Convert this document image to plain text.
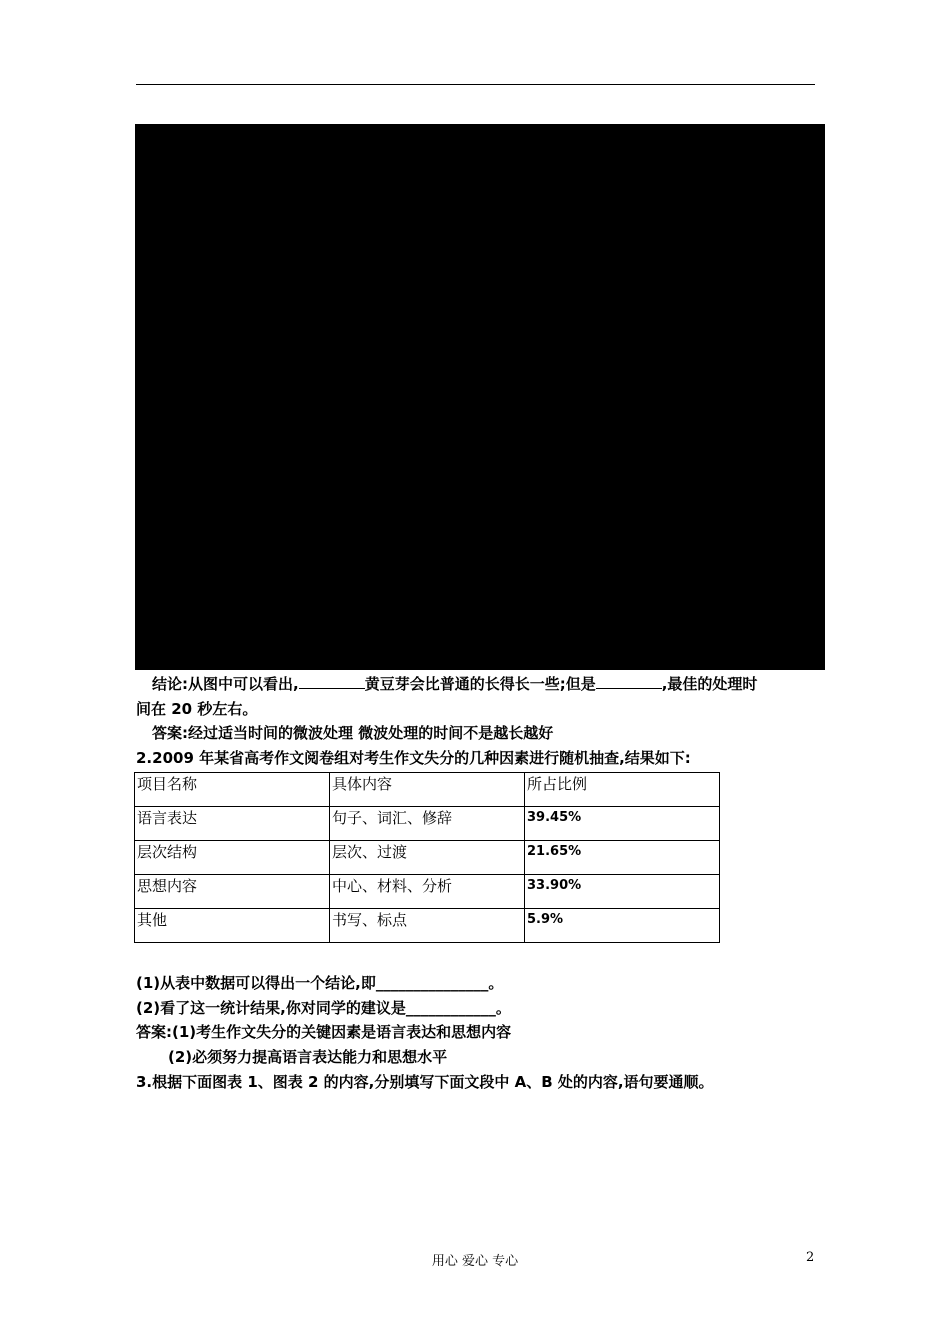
结论:从图中可以看出,	黄豆芽会比普通的长得长一些;但是	,最佳的处理时
间在 20 秒左右。
答案:经过适当时间的微波处理 微波处理的时间不是越长越好
2.2009 年某省高考作文阅卷组对考生作文失分的几种因素进行随机抽查,结果如下:
项目名称	具体内容	所占比例
语言表达	句子、词汇、修辞	39.45%
层次结构	层次、过渡	21.65%
思想内容	中心、材料、分析	33.90%
其他	书写、标点	5.9%
(1)从表中数据可以得出一个结论,即_______________。
(2)看了这一统计结果,你对同学的建议是____________。
答案:(1)考生作文失分的关键因素是语言表达和思想内容
(2)必须努力提高语言表达能力和思想水平
3.根据下面图表 1、图表 2 的内容,分别填写下面文段中 A、B 处的内容,语句要通顺。
用心 爱心 专心	2
